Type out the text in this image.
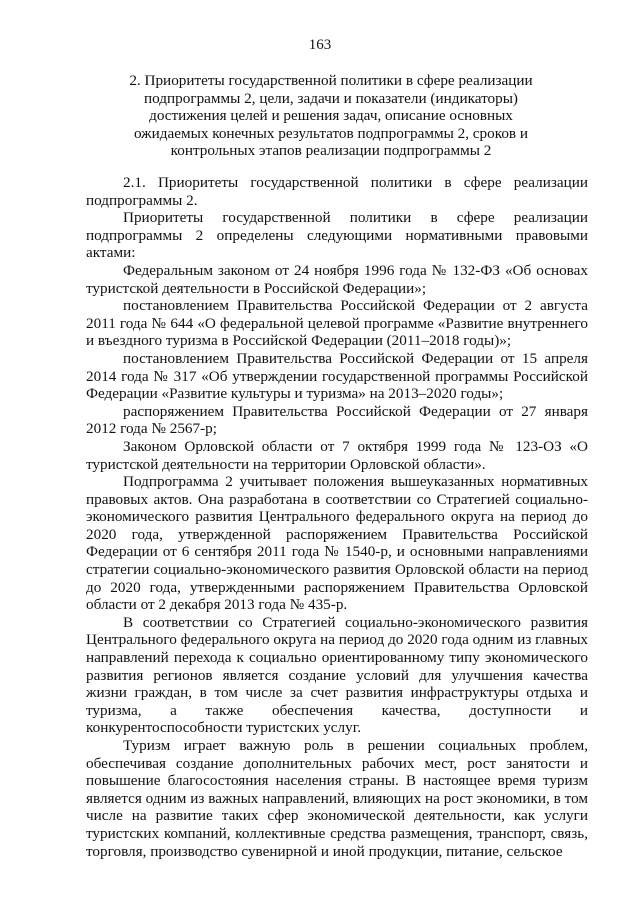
163
2. Приоритеты государственной политики в сфере реализации подпрограммы 2, цели, задачи и показатели (индикаторы) достижения целей и решения задач, описание основных ожидаемых конечных результатов подпрограммы 2, сроков и контрольных этапов реализации подпрограммы 2

2.1. Приоритеты государственной политики в сфере реализации подпрограммы 2.

Приоритеты государственной политики в сфере реализации подпрограммы 2 определены следующими нормативными правовыми актами:

Федеральным законом от 24 ноября 1996 года № 132-ФЗ «Об основах туристской деятельности в Российской Федерации»;

постановлением Правительства Российской Федерации от 2 августа 2011 года № 644 «О федеральной целевой программе «Развитие внутреннего и въездного туризма в Российской Федерации (2011–2018 годы)»;

постановлением Правительства Российской Федерации от 15 апреля 2014 года № 317 «Об утверждении государственной программы Российской Федерации «Развитие культуры и туризма» на 2013–2020 годы»;

распоряжением Правительства Российской Федерации от 27 января 2012 года № 2567-р;

Законом Орловской области от 7 октября 1999 года № 123-ОЗ «О туристской деятельности на территории Орловской области».

Подпрограмма 2 учитывает положения вышеуказанных нормативных правовых актов. Она разработана в соответствии со Стратегией социально-экономического развития Центрального федерального округа на период до 2020 года, утвержденной распоряжением Правительства Российской Федерации от 6 сентября 2011 года № 1540-р, и основными направлениями стратегии социально-экономического развития Орловской области на период до 2020 года, утвержденными распоряжением Правительства Орловской области от 2 декабря 2013 года № 435-р.

В соответствии со Стратегией социально-экономического развития Центрального федерального округа на период до 2020 года одним из главных направлений перехода к социально ориентированному типу экономического развития регионов является создание условий для улучшения качества жизни граждан, в том числе за счет развития инфраструктуры отдыха и туризма, а также обеспечения качества, доступности и конкурентоспособности туристских услуг.

Туризм играет важную роль в решении социальных проблем, обеспечивая создание дополнительных рабочих мест, рост занятости и повышение благосостояния населения страны. В настоящее время туризм является одним из важных направлений, влияющих на рост экономики, в том числе на развитие таких сфер экономической деятельности, как услуги туристских компаний, коллективные средства размещения, транспорт, связь, торговля, производство сувенирной и иной продукции, питание, сельское
